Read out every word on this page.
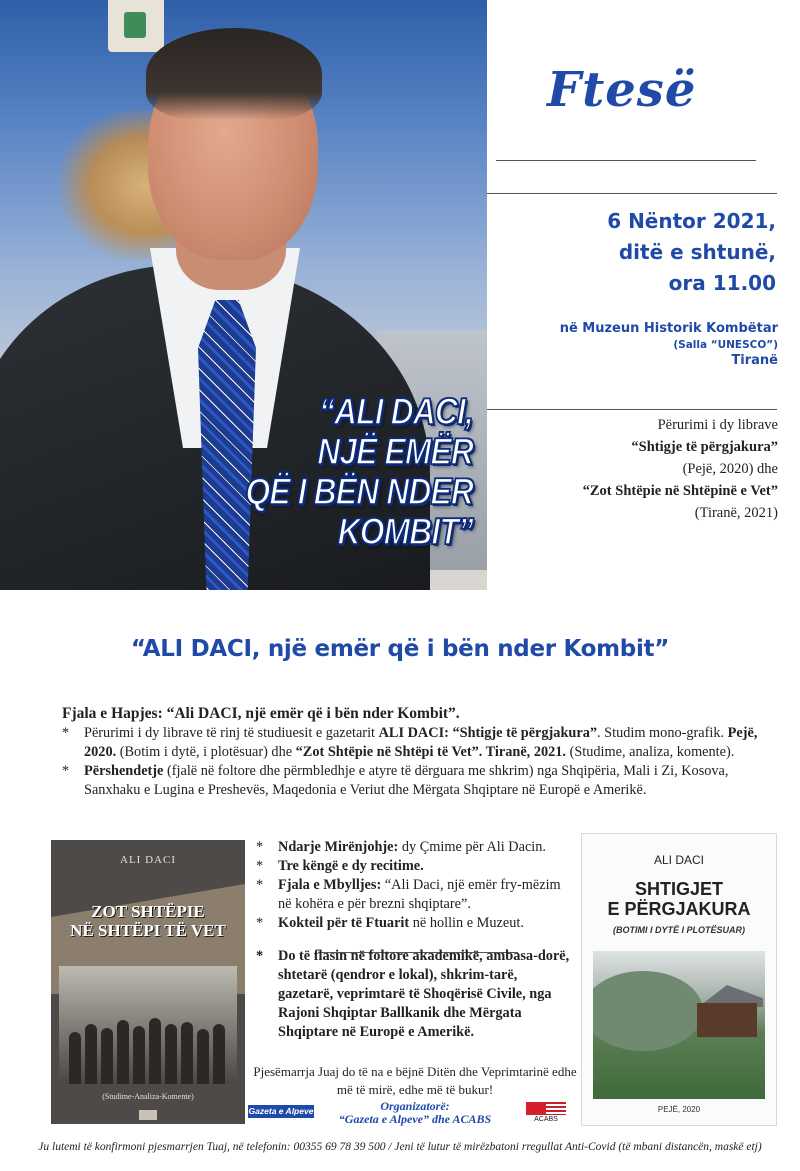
“ALI DACI,
NJË EMËR
QË I BËN NDER KOMBIT”
Ftesë
6 Nëntor 2021,
ditë e shtunë,
ora 11.00
në Muzeun Historik Kombëtar
(Salla “UNESCO”)
Tiranë
Përurimi i dy librave
“Shtigje të përgjakura”
(Pejë, 2020) dhe
“Zot Shtëpie në Shtëpinë e Vet”
(Tiranë, 2021)
“ALI DACI, një emër që i bën nder Kombit”
Fjala e Hapjes: “Ali DACI, një emër që i bën nder Kombit”.
* Përurimi i dy librave të rinj të studiuesit e gazetarit ALI DACI: “Shtigje të përgjakura”. Studim mono-grafik. Pejë, 2020. (Botim i dytë, i plotësuar) dhe “Zot Shtëpie në Shtëpi të Vet”. Tiranë, 2021. (Studime, analiza, komente).
* Përshendetje (fjalë në foltore dhe përmbledhje e atyre të dërguara me shkrim) nga Shqipëria, Mali i Zi, Kosova, Sanxhaku e Lugina e Preshevës, Maqedonia e Veriut dhe Mërgata Shqiptare në Europë e Amerikë.
ALI DACI
ZOT SHTËPIE
NË SHTËPI TË VET
(Studime-Analiza-Komente)
* Ndarje Mirënjohje: dy Çmime për Ali Dacin.
* Tre këngë e dy recitime.
* Fjala e Mbylljes: “Ali Daci, një emër fry-mëzim në kohëra e për brezni shqiptare”.
* Kokteil për të Ftuarit në hollin e Muzeut.
* Do të flasin në foltore akademikë, ambasa-dorë, shtetarë (qendror e lokal), shkrim-tarë, gazetarë, veprimtarë të Shoqërisë Civile, nga Rajoni Shqiptar Ballkanik dhe Mërgata Shqiptare në Europë e Amerikë.
Pjesëmarrja Juaj do të na e bëjnë Ditën dhe Veprimtarinë edhe më të mirë, edhe më të bukur!
Organizatorë:
“Gazeta e Alpeve” dhe ACABS
Gazeta e Alpeve
ACABS
ALI DACI
SHTIGJET
E PËRGJAKURA
(BOTIMI I DYTË I PLOTËSUAR)
PEJË, 2020
Ju lutemi të konfirmoni pjesmarrjen Tuaj, në telefonin: 00355 69 78 39 500 / Jeni të lutur të mirëzbatoni rregullat Anti-Covid (të mbani distancën, maskë etj)
